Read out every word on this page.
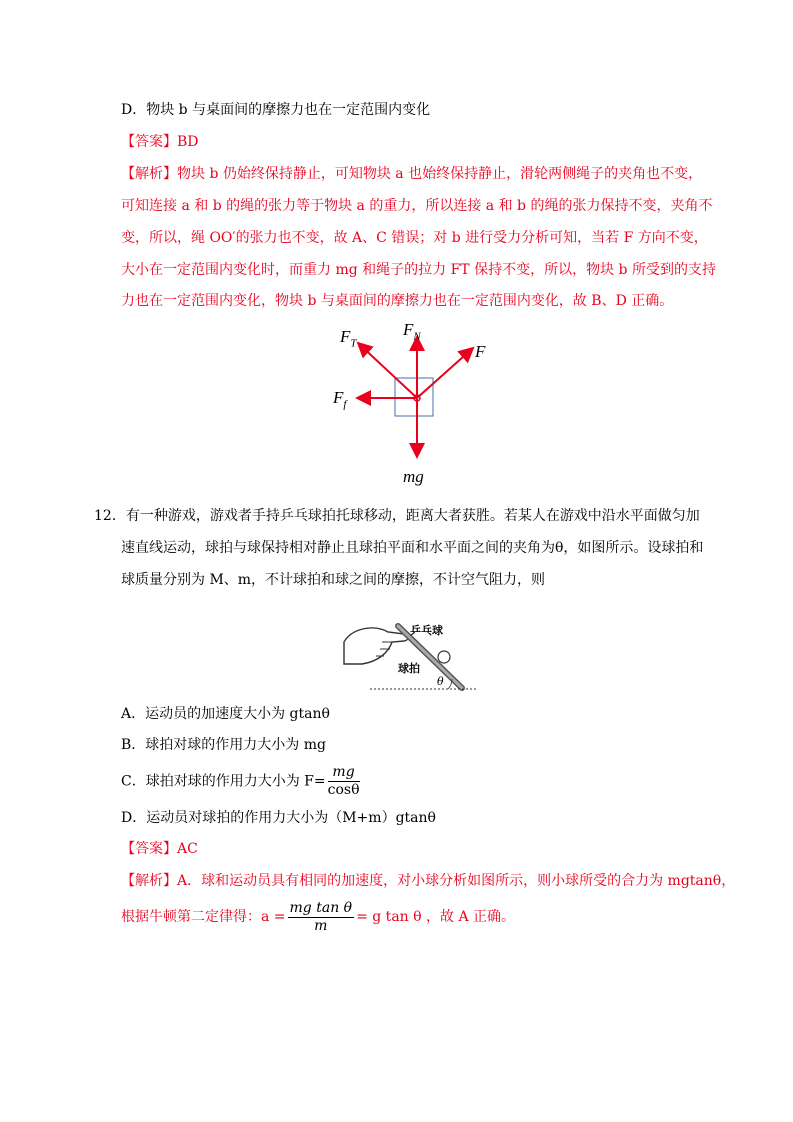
D．物块 b 与桌面间的摩擦力也在一定范围内变化
【答案】BD
【解析】物块 b 仍始终保持静止，可知物块 a 也始终保持静止，滑轮两侧绳子的夹角也不变，
可知连接 a 和 b 的绳的张力等于物块 a 的重力，所以连接 a 和 b 的绳的张力保持不变，夹角不
变，所以，绳 OO′的张力也不变，故 A、C 错误；对 b 进行受力分析可知，当若 F 方向不变，
大小在一定范围内变化时，而重力 mg 和绳子的拉力 FT 保持不变，所以，物块 b 所受到的支持
力也在一定范围内变化，物块 b 与桌面间的摩擦力也在一定范围内变化，故 B、D 正确。
$F_T$
$F_N$
F
$F_f$
mg
12．有一种游戏，游戏者手持乒乓球拍托球移动，距离大者获胜。若某人在游戏中沿水平面做匀加
速直线运动，球拍与球保持相对静止且球拍平面和水平面之间的夹角为θ，如图所示。设球拍和
球质量分别为 M、m，不计球拍和球之间的摩擦，不计空气阻力，则
乒乓球
球拍
θ
A．运动员的加速度大小为 gtanθ
B．球拍对球的作用力大小为 mg
C．球拍对球的作用力大小为 $F= \frac{mg}{\cos\theta}$
D．运动员对球拍的作用力大小为（M+m）gtanθ
【答案】AC
【解析】A．球和运动员具有相同的加速度，对小球分析如图所示，则小球所受的合力为 mgtanθ，
根据牛顿第二定律得：$a = \frac{\text{mg tan θ}}{m} = g$ tan θ ，故 A 正确。
